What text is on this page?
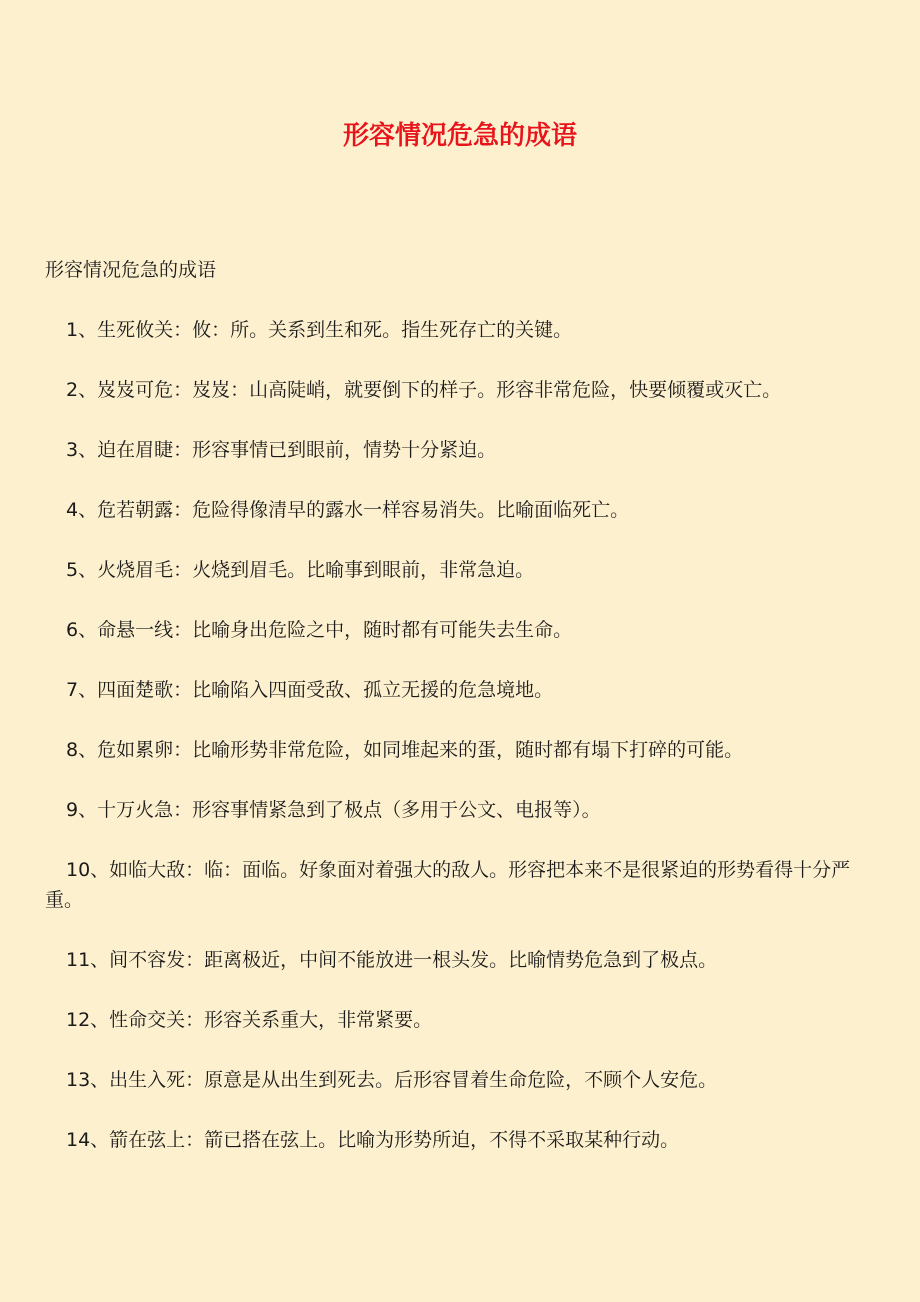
形容情况危急的成语

形容情况危急的成语

1、生死攸关：攸：所。关系到生和死。指生死存亡的关键。

2、岌岌可危：岌岌：山高陡峭，就要倒下的样子。形容非常危险，快要倾覆或灭亡。

3、迫在眉睫：形容事情已到眼前，情势十分紧迫。

4、危若朝露：危险得像清早的露水一样容易消失。比喻面临死亡。

5、火烧眉毛：火烧到眉毛。比喻事到眼前，非常急迫。

6、命悬一线：比喻身出危险之中，随时都有可能失去生命。

7、四面楚歌：比喻陷入四面受敌、孤立无援的危急境地。

8、危如累卵：比喻形势非常危险，如同堆起来的蛋，随时都有塌下打碎的可能。

9、十万火急：形容事情紧急到了极点（多用于公文、电报等）。

10、如临大敌：临：面临。好象面对着强大的敌人。形容把本来不是很紧迫的形势看得十分严重。

11、间不容发：距离极近，中间不能放进一根头发。比喻情势危急到了极点。

12、性命交关：形容关系重大，非常紧要。

13、出生入死：原意是从出生到死去。后形容冒着生命危险，不顾个人安危。

14、箭在弦上：箭已搭在弦上。比喻为形势所迫，不得不采取某种行动。
